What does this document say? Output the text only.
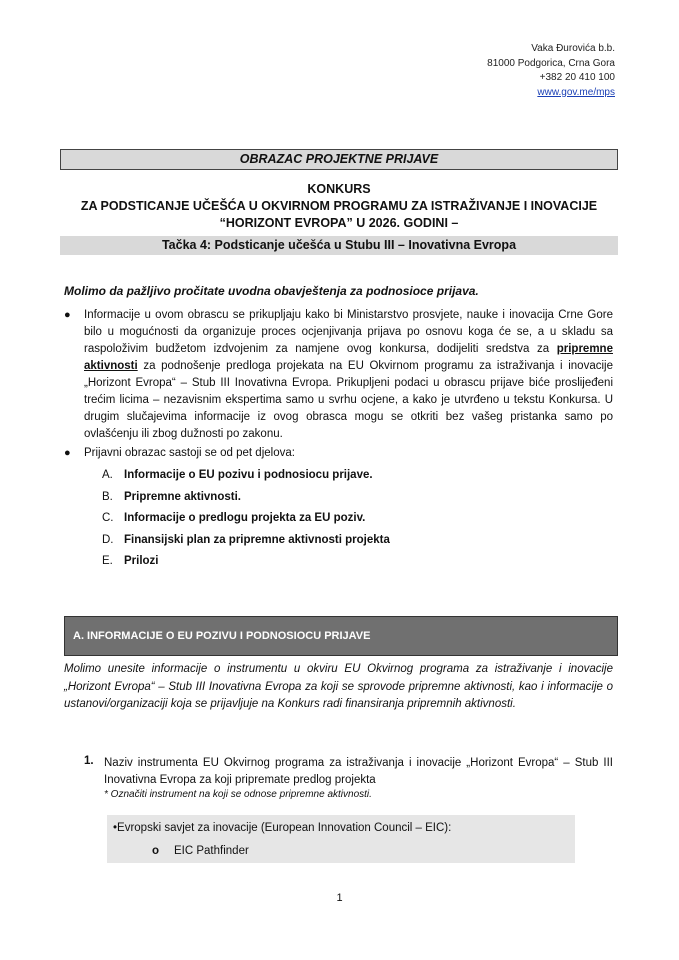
Vaka Đurovića b.b.
81000 Podgorica, Crna Gora
+382 20 410 100
www.gov.me/mps
OBRAZAC PROJEKTNE PRIJAVE
KONKURS
ZA PODSTICANJE UČEŠĆA U OKVIRNOM PROGRAMU ZA ISTRAŽIVANJE I INOVACIJE
“HORIZONT EVROPA” U 2026. GODINI –
Tačka 4: Podsticanje učešća u Stubu III – Inovativna Evropa
Molimo da pažljivo pročitate uvodna obavještenja za podnosioce prijava.
● Informacije u ovom obrascu se prikupljaju kako bi Ministarstvo prosvjete, nauke i inovacija Crne Gore bilo u mogućnosti da organizuje proces ocjenjivanja prijava po osnovu koga će se, a u skladu sa raspoloživim budžetom izdvojenim za namjene ovog konkursa, dodijeliti sredstva za pripremne aktivnosti za podnošenje predloga projekata na EU Okvirnom programu za istraživanja i inovacije „Horizont Evropa“ – Stub III Inovativna Evropa. Prikupljeni podaci u obrascu prijave biće proslijeđeni trećim licima – nezavisnim ekspertima samo u svrhu ocjene, a kako je utvrđeno u tekstu Konkursa. U drugim slučajevima informacije iz ovog obrasca mogu se otkriti bez vašeg pristanka samo po ovlašćenju ili zbog dužnosti po zakonu.
● Prijavni obrazac sastoji se od pet djelova:
A. Informacije o EU pozivu i podnosiocu prijave.
B. Pripremne aktivnosti.
C. Informacije o predlogu projekta za EU poziv.
D. Finansijski plan za pripremne aktivnosti projekta
E. Prilozi
A. INFORMACIJE O EU POZIVU I PODNOSIOCU PRIJAVE
Molimo unesite informacije o instrumentu u okviru EU Okvirnog programa za istraživanje i inovacije „Horizont Evropa“ – Stub III Inovativna Evropa za koji se sprovode pripremne aktivnosti, kao i informacije o ustanovi/organizaciji koja se prijavljuje na Konkurs radi finansiranja pripremnih aktivnosti.
1. Naziv instrumenta EU Okvirnog programa za istraživanja i inovacije „Horizont Evropa“ – Stub III Inovativna Evropa za koji pripremate predlog projekta
* Označiti instrument na koji se odnose pripremne aktivnosti.
•Evropski savjet za inovacije (European Innovation Council – EIC):
o EIC Pathfinder
1
